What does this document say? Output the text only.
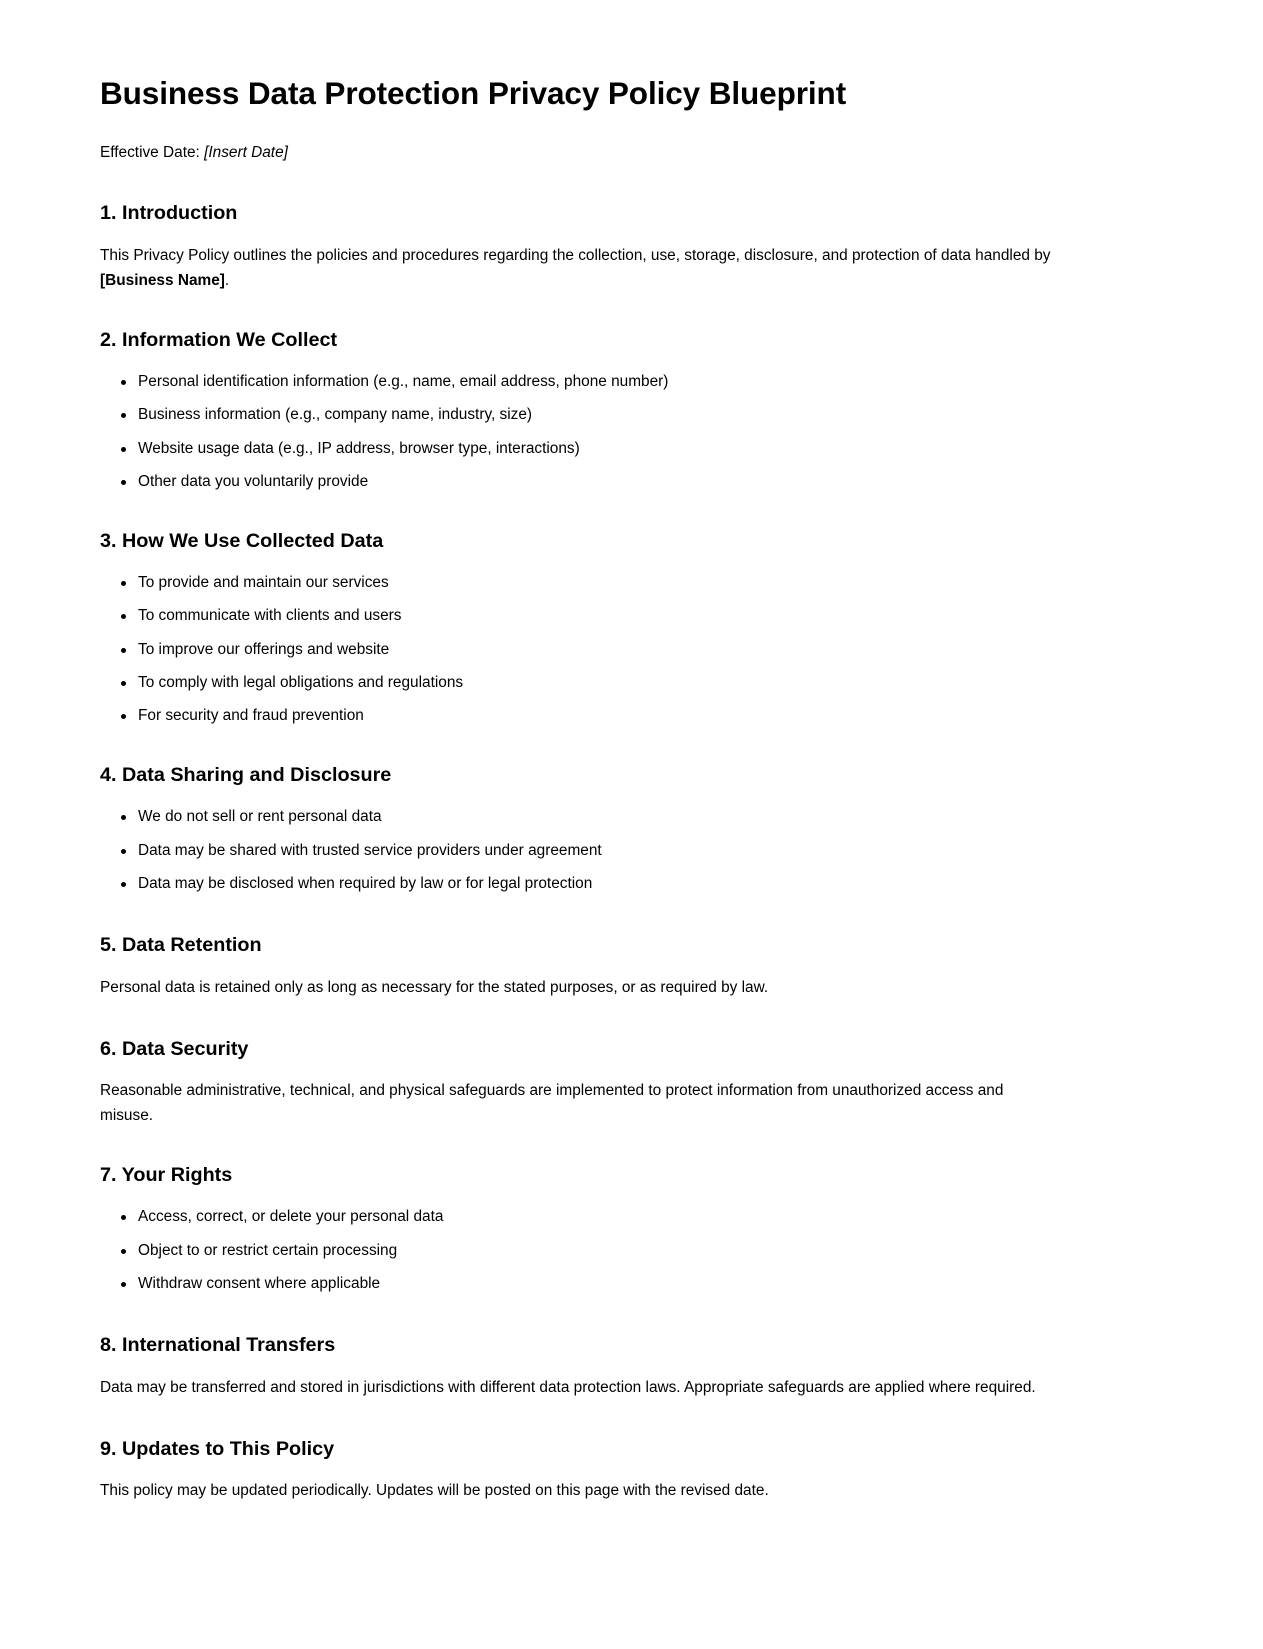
Business Data Protection Privacy Policy Blueprint

Effective Date: [Insert Date]

1. Introduction

This Privacy Policy outlines the policies and procedures regarding the collection, use, storage, disclosure, and protection of data handled by [Business Name].

2. Information We Collect
Personal identification information (e.g., name, email address, phone number)
Business information (e.g., company name, industry, size)
Website usage data (e.g., IP address, browser type, interactions)
Other data you voluntarily provide
3. How We Use Collected Data
To provide and maintain our services
To communicate with clients and users
To improve our offerings and website
To comply with legal obligations and regulations
For security and fraud prevention
4. Data Sharing and Disclosure
We do not sell or rent personal data
Data may be shared with trusted service providers under agreement
Data may be disclosed when required by law or for legal protection
5. Data Retention

Personal data is retained only as long as necessary for the stated purposes, or as required by law.

6. Data Security

Reasonable administrative, technical, and physical safeguards are implemented to protect information from unauthorized access and misuse.

7. Your Rights
Access, correct, or delete your personal data
Object to or restrict certain processing
Withdraw consent where applicable
8. International Transfers

Data may be transferred and stored in jurisdictions with different data protection laws. Appropriate safeguards are applied where required.

9. Updates to This Policy

This policy may be updated periodically. Updates will be posted on this page with the revised date.
